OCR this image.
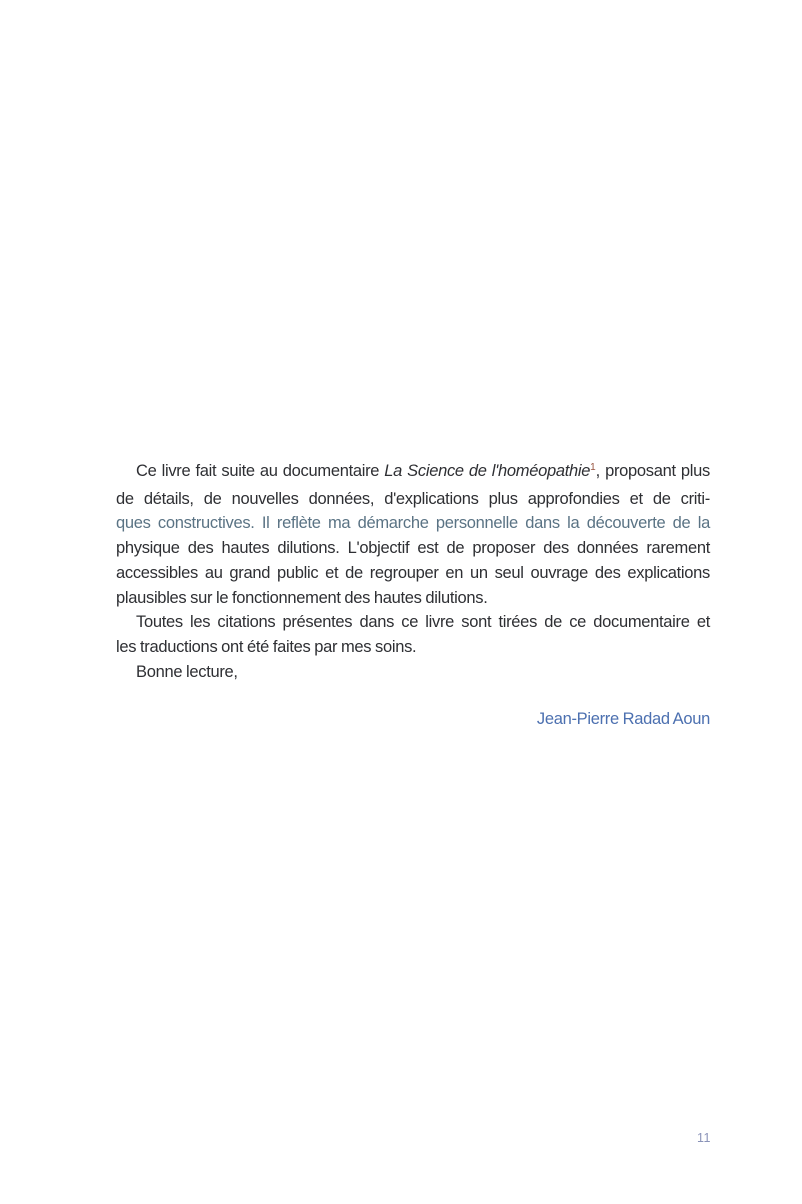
Ce livre fait suite au documentaire La Science de l'homéopathie$^1$, proposant plus
de détails, de nouvelles données, d'explications plus approfondies et de criti-
ques constructives. Il reflète ma démarche personnelle dans la découverte de la
physique des hautes dilutions. L'objectif est de proposer des données rarement
accessibles au grand public et de regrouper en un seul ouvrage des explications
plausibles sur le fonctionnement des hautes dilutions.
Toutes les citations présentes dans ce livre sont tirées de ce documentaire et
les traductions ont été faites par mes soins.
Bonne lecture,
Jean-Pierre Radad Aoun
11
